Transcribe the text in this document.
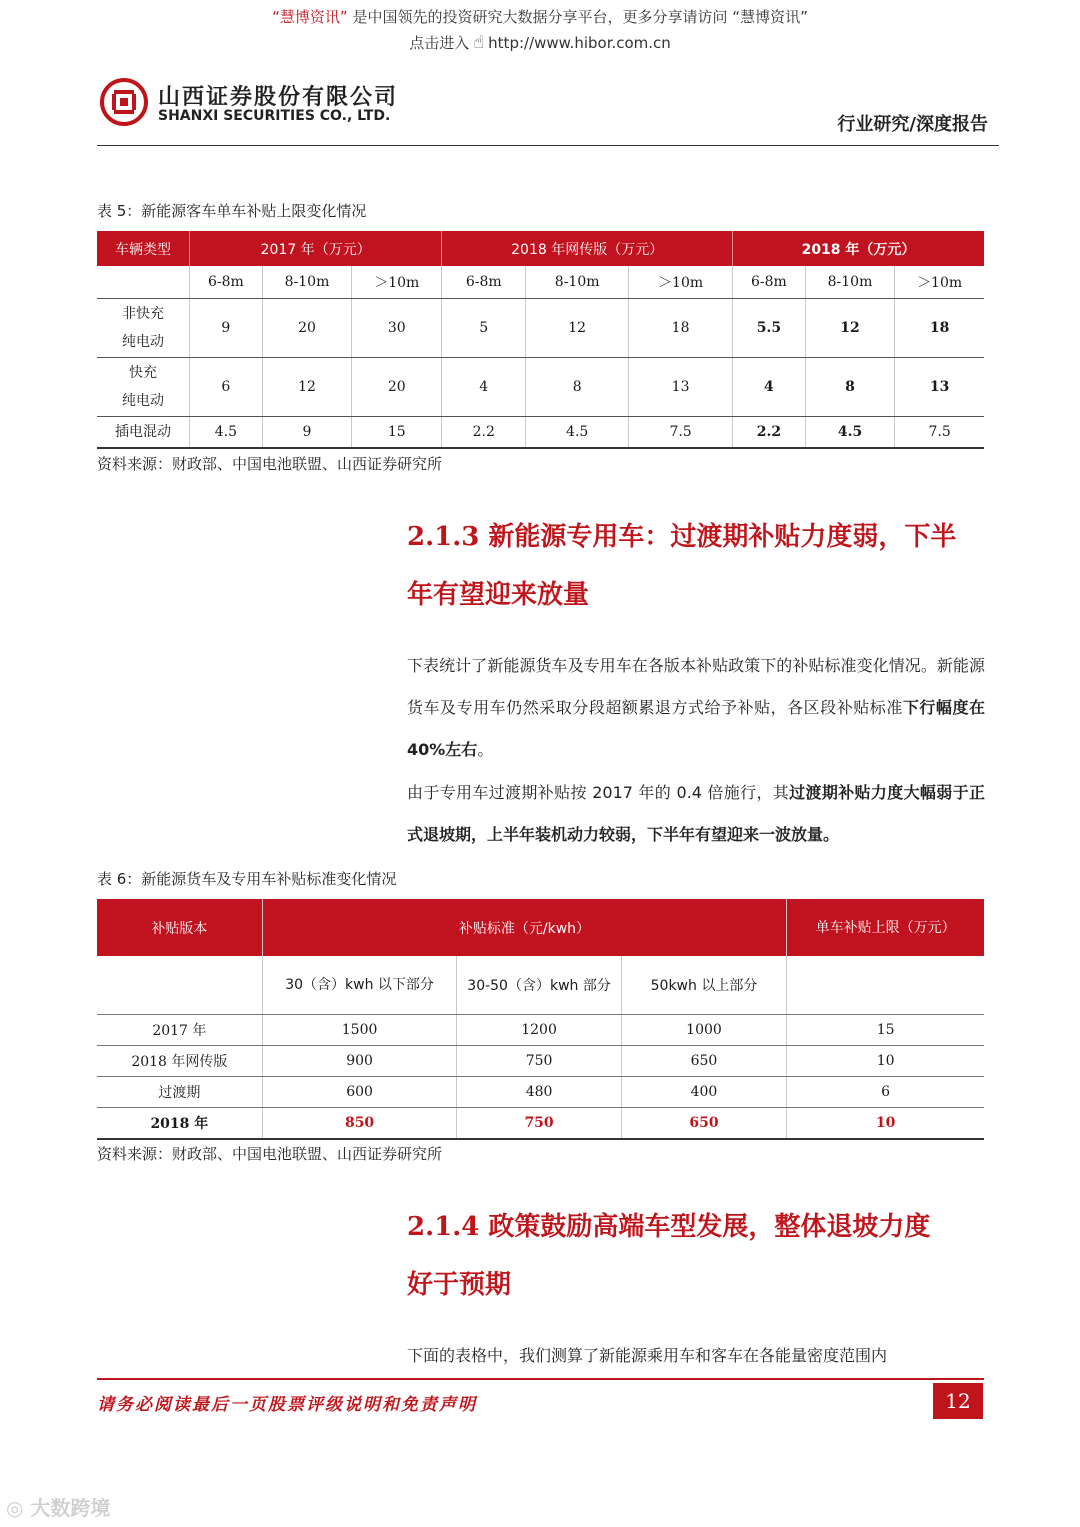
“慧博资讯” 是中国领先的投资研究大数据分享平台，更多分享请访问 “慧博资讯”
点击进入 ☝ http://www.hibor.com.cn
山西证券股份有限公司
SHANXI SECURITIES CO., LTD.	行业研究/深度报告
表 5：新能源客车单车补贴上限变化情况
车辆类型	2017 年（万元）			2018 年网传版（万元）			2018 年（万元）		
	6-8m	8-10m	＞10m	6-8m	8-10m	＞10m	6-8m	8-10m	＞10m
非快充
纯电动	9	20	30	5	12	18	5.5	12	18
快充
纯电动	6	12	20	4	8	13	4	8	13
插电混动	4.5	9	15	2.2	4.5	7.5	2.2	4.5	7.5
资料来源：财政部、中国电池联盟、山西证券研究所
2.1.3 新能源专用车：过渡期补贴力度弱，下半
年有望迎来放量
下表统计了新能源货车及专用车在各版本补贴政策下的补贴标准变化情况。新能源货车及专用车仍然采取分段超额累退方式给予补贴，各区段补贴标准下行幅度在 40%左右。
由于专用车过渡期补贴按 2017 年的 0.4 倍施行，其过渡期补贴力度大幅弱于正式退坡期，上半年装机动力较弱，下半年有望迎来一波放量。
表 6：新能源货车及专用车补贴标准变化情况
补贴版本	补贴标准（元/kwh）			单车补贴上限（万元）
	30（含）kwh 以下部分	30-50（含）kwh 部分	50kwh 以上部分	
2017 年	1500	1200	1000	15
2018 年网传版	900	750	650	10
过渡期	600	480	400	6
2018 年	850	750	650	10
资料来源：财政部、中国电池联盟、山西证券研究所
2.1.4 政策鼓励高端车型发展，整体退坡力度
好于预期
下面的表格中，我们测算了新能源乘用车和客车在各能量密度范围内
请务必阅读最后一页股票评级说明和免责声明	12
◎ 大数跨境
